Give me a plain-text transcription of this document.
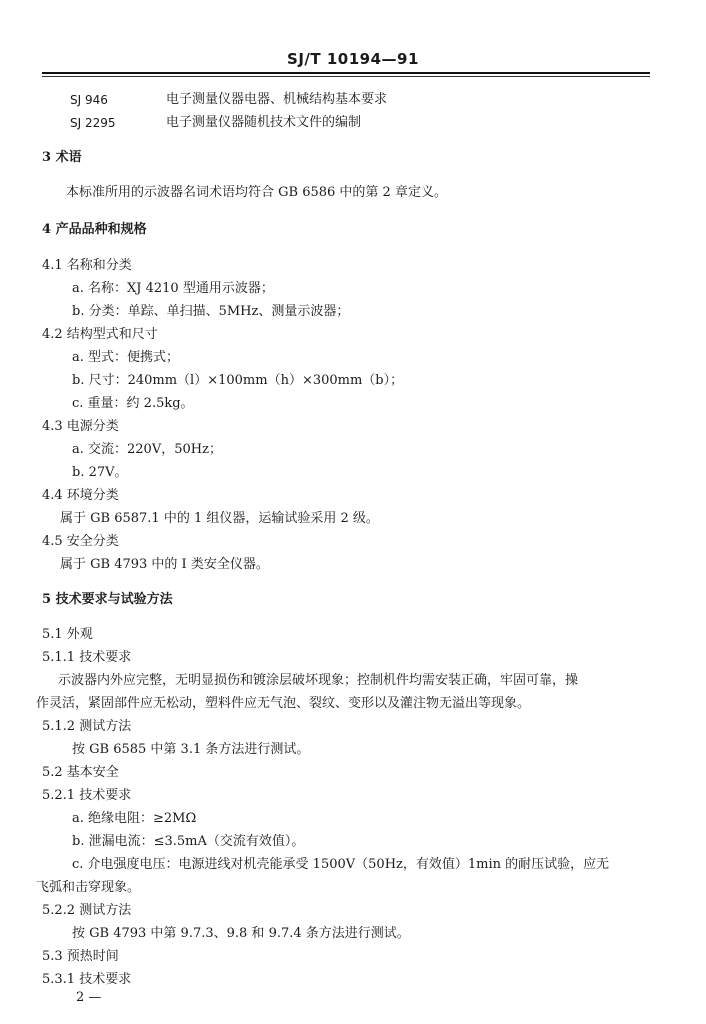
SJ/T 10194—91
SJ 946	电子测量仪器电器、机械结构基本要求
SJ 2295	电子测量仪器随机技术文件的编制
3 术语
本标准所用的示波器名词术语均符合 GB 6586 中的第 2 章定义。
4 产品品种和规格
4.1 名称和分类
a. 名称：XJ 4210 型通用示波器；
b. 分类：单踪、单扫描、5MHz、测量示波器；
4.2 结构型式和尺寸
a. 型式：便携式；
b. 尺寸：240mm（l）×100mm（h）×300mm（b）；
c. 重量：约 2.5kg。
4.3 电源分类
a. 交流：220V，50Hz；
b. 27V。
4.4 环境分类
属于 GB 6587.1 中的 1 组仪器，运输试验采用 2 级。
4.5 安全分类
属于 GB 4793 中的 I 类安全仪器。
5 技术要求与试验方法
5.1 外观
5.1.1 技术要求
示波器内外应完整，无明显损伤和镀涂层破坏现象；控制机件均需安装正确，牢固可靠，操
作灵活，紧固部件应无松动，塑料件应无气泡、裂纹、变形以及灌注物无溢出等现象。
5.1.2 测试方法
按 GB 6585 中第 3.1 条方法进行测试。
5.2 基本安全
5.2.1 技术要求
a. 绝缘电阻：≥2MΩ
b. 泄漏电流：≤3.5mA（交流有效值）。
c. 介电强度电压：电源进线对机壳能承受 1500V（50Hz，有效值）1min 的耐压试验，应无
飞弧和击穿现象。
5.2.2 测试方法
按 GB 4793 中第 9.7.3、9.8 和 9.7.4 条方法进行测试。
5.3 预热时间
5.3.1 技术要求
2 —
